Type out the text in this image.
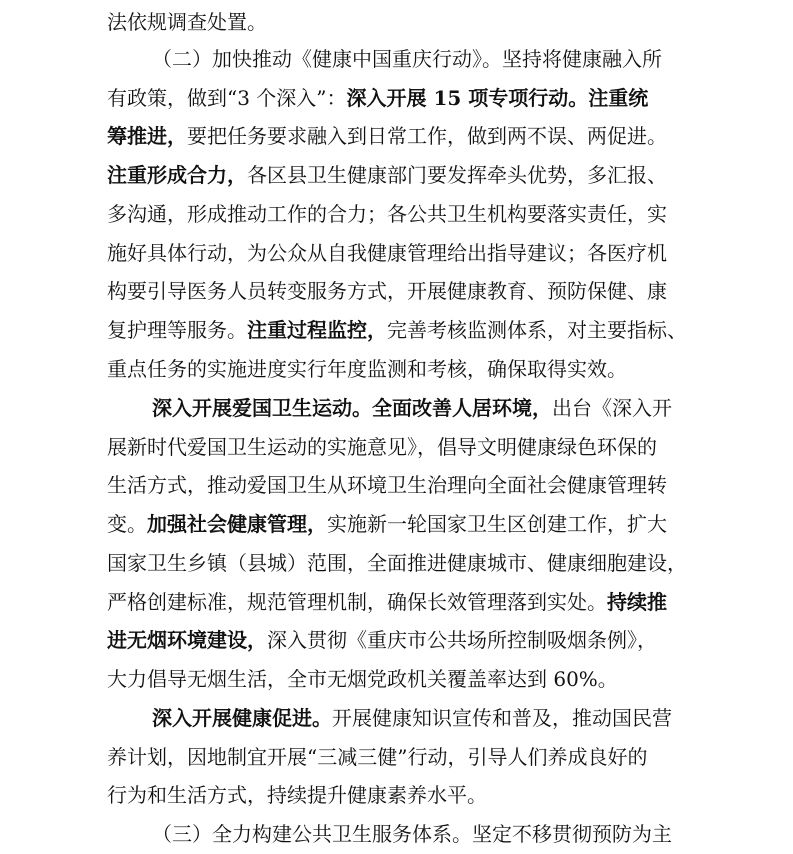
法依规调查处置。

（二）加快推动《健康中国重庆行动》。坚持将健康融入所

有政策，做到“3 个深入”：深入开展 15 项专项行动。注重统

筹推进，要把任务要求融入到日常工作，做到两不误、两促进。

注重形成合力，各区县卫生健康部门要发挥牵头优势，多汇报、

多沟通，形成推动工作的合力；各公共卫生机构要落实责任，实

施好具体行动，为公众从自我健康管理给出指导建议；各医疗机

构要引导医务人员转变服务方式，开展健康教育、预防保健、康

复护理等服务。注重过程监控，完善考核监测体系，对主要指标、

重点任务的实施进度实行年度监测和考核，确保取得实效。

深入开展爱国卫生运动。全面改善人居环境，出台《深入开

展新时代爱国卫生运动的实施意见》，倡导文明健康绿色环保的

生活方式，推动爱国卫生从环境卫生治理向全面社会健康管理转

变。加强社会健康管理，实施新一轮国家卫生区创建工作，扩大

国家卫生乡镇（县城）范围，全面推进健康城市、健康细胞建设，

严格创建标准，规范管理机制，确保长效管理落到实处。持续推

进无烟环境建设，深入贯彻《重庆市公共场所控制吸烟条例》，

大力倡导无烟生活，全市无烟党政机关覆盖率达到 60%。

深入开展健康促进。开展健康知识宣传和普及，推动国民营

养计划，因地制宜开展“三减三健”行动，引导人们养成良好的

行为和生活方式，持续提升健康素养水平。

（三）全力构建公共卫生服务体系。坚定不移贯彻预防为主
